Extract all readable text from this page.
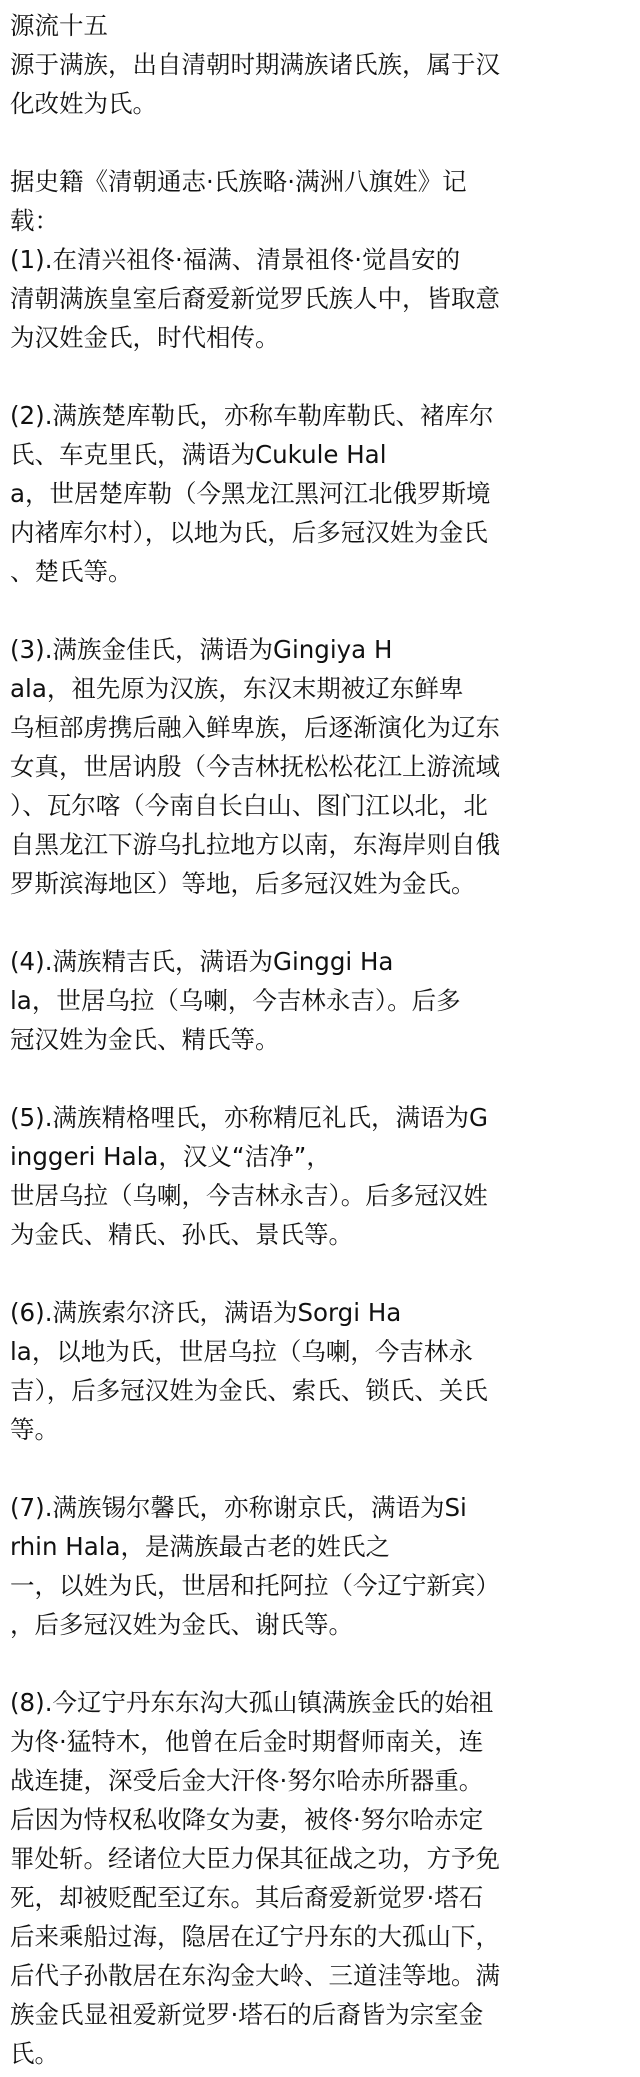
源流十五
源于满族，出自清朝时期满族诸氏族，属于汉
化改姓为氏。
据史籍《清朝通志·氏族略·满洲八旗姓》记
载：
(1).在清兴祖佟·福满、清景祖佟·觉昌安的
清朝满族皇室后裔爱新觉罗氏族人中，皆取意
为汉姓金氏，时代相传。
(2).满族楚库勒氏，亦称车勒库勒氏、褚库尔
氏、车克里氏，满语为Cukule Hal
a，世居楚库勒（今黑龙江黑河江北俄罗斯境
内褚库尔村），以地为氏，后多冠汉姓为金氏
、楚氏等。
(3).满族金佳氏，满语为Gingiya H
ala，祖先原为汉族，东汉末期被辽东鲜卑
乌桓部虏携后融入鲜卑族，后逐渐演化为辽东
女真，世居讷殷（今吉林抚松松花江上游流域
）、瓦尔喀（今南自长白山、图门江以北，北
自黑龙江下游乌扎拉地方以南，东海岸则自俄
罗斯滨海地区）等地，后多冠汉姓为金氏。
(4).满族精吉氏，满语为Ginggi Ha
la，世居乌拉（乌喇，今吉林永吉）。后多
冠汉姓为金氏、精氏等。
(5).满族精格哩氏，亦称精厄礼氏，满语为G
inggeri Hala，汉义“洁净”，
世居乌拉（乌喇，今吉林永吉）。后多冠汉姓
为金氏、精氏、孙氏、景氏等。
(6).满族索尔济氏，满语为Sorgi Ha
la，以地为氏，世居乌拉（乌喇，今吉林永
吉），后多冠汉姓为金氏、索氏、锁氏、关氏
等。
(7).满族锡尔馨氏，亦称谢京氏，满语为Si
rhin Hala，是满族最古老的姓氏之
一，以姓为氏，世居和托阿拉（今辽宁新宾）
，后多冠汉姓为金氏、谢氏等。
(8).今辽宁丹东东沟大孤山镇满族金氏的始祖
为佟·猛特木，他曾在后金时期督师南关，连
战连捷，深受后金大汗佟·努尔哈赤所器重。
后因为恃权私收降女为妻，被佟·努尔哈赤定
罪处斩。经诸位大臣力保其征战之功，方予免
死，却被贬配至辽东。其后裔爱新觉罗·塔石
后来乘船过海，隐居在辽宁丹东的大孤山下，
后代子孙散居在东沟金大岭、三道洼等地。满
族金氏显祖爱新觉罗·塔石的后裔皆为宗室金
氏。
